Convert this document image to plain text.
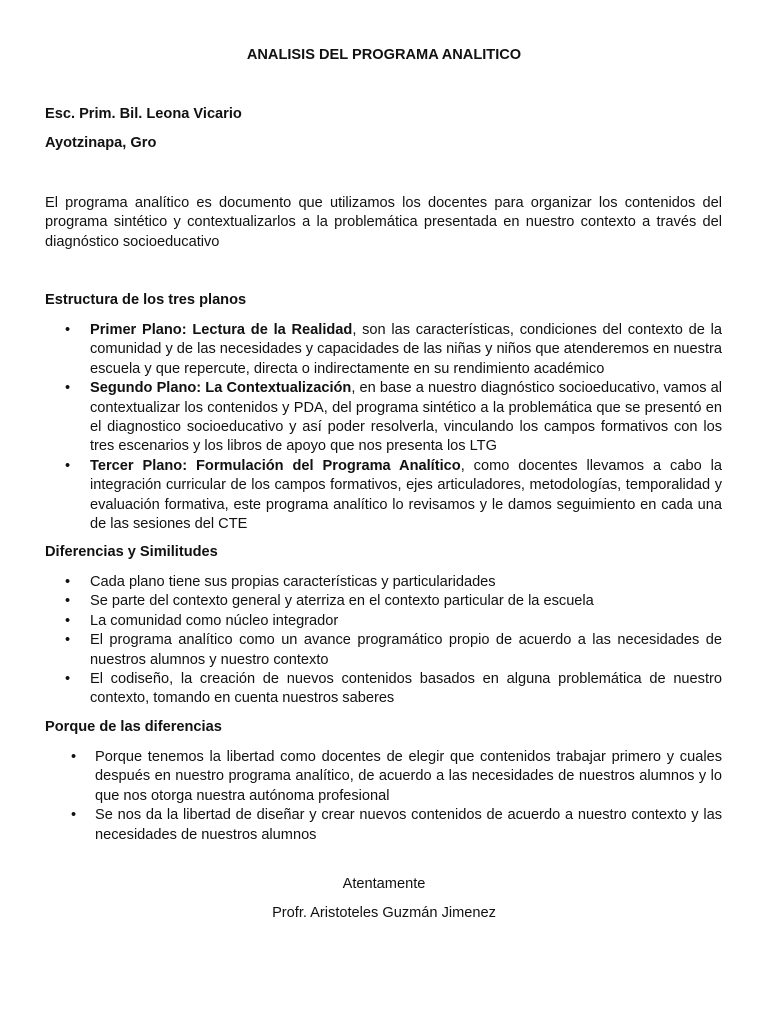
ANALISIS DEL PROGRAMA ANALITICO
Esc. Prim. Bil. Leona Vicario
Ayotzinapa, Gro

El programa analítico es documento que utilizamos los docentes para organizar los contenidos del programa sintético y contextualizarlos a la problemática presentada en nuestro contexto a través del diagnóstico socioeducativo

Estructura de los tres planos
• Primer Plano: Lectura de la Realidad, son las características, condiciones del contexto de la comunidad y de las necesidades y capacidades de las niñas y niños que atenderemos en nuestra escuela y que repercute, directa o indirectamente en su rendimiento académico
• Segundo Plano: La Contextualización, en base a nuestro diagnóstico socioeducativo, vamos al contextualizar los contenidos y PDA, del programa sintético a la problemática que se presentó en el diagnostico socioeducativo y así poder resolverla, vinculando los campos formativos con los tres escenarios y los libros de apoyo que nos presenta los LTG
• Tercer Plano: Formulación del Programa Analítico, como docentes llevamos a cabo la integración curricular de los campos formativos, ejes articuladores, metodologías, temporalidad y evaluación formativa, este programa analítico lo revisamos y le damos seguimiento en cada una de las sesiones del CTE
Diferencias y Similitudes
• Cada plano tiene sus propias características y particularidades
• Se parte del contexto general y aterriza en el contexto particular de la escuela
• La comunidad como núcleo integrador
• El programa analítico como un avance programático propio de acuerdo a las necesidades de nuestros alumnos y nuestro contexto
• El codiseño, la creación de nuevos contenidos basados en alguna problemática de nuestro contexto, tomando en cuenta nuestros saberes
Porque de las diferencias
• Porque tenemos la libertad como docentes de elegir que contenidos trabajar primero y cuales después en nuestro programa analítico, de acuerdo a las necesidades de nuestros alumnos y lo que nos otorga nuestra autónoma profesional
• Se nos da la libertad de diseñar y crear nuevos contenidos de acuerdo a nuestro contexto y las necesidades de nuestros alumnos
Atentamente
Profr. Aristoteles Guzmán Jimenez
